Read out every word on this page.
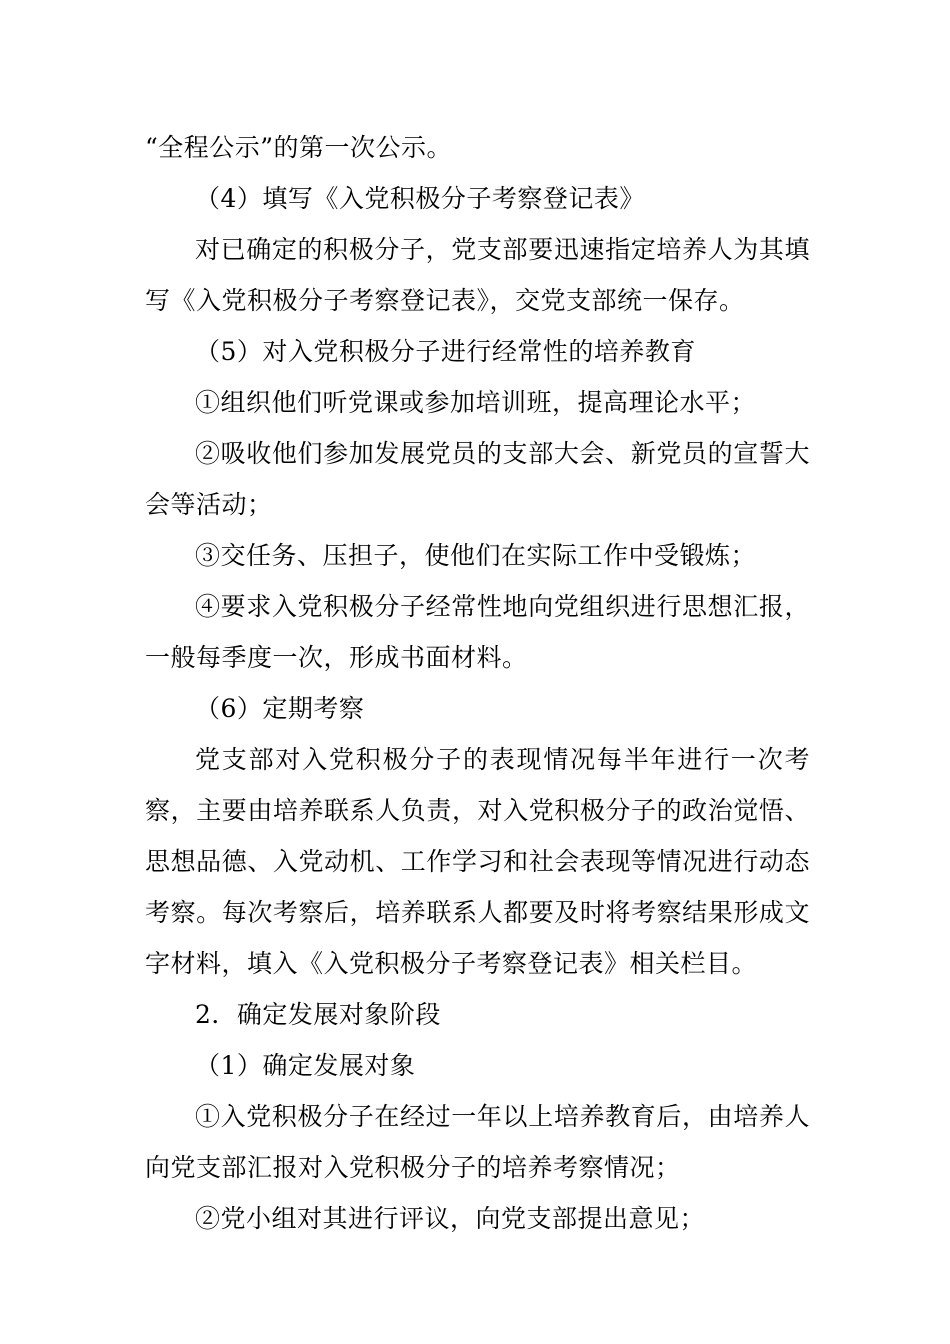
“全程公示”的第一次公示。

（4）填写《入党积极分子考察登记表》

对已确定的积极分子，党支部要迅速指定培养人为其填写《入党积极分子考察登记表》，交党支部统一保存。

（5）对入党积极分子进行经常性的培养教育

①组织他们听党课或参加培训班，提高理论水平；

②吸收他们参加发展党员的支部大会、新党员的宣誓大会等活动；

③交任务、压担子，使他们在实际工作中受锻炼；

④要求入党积极分子经常性地向党组织进行思想汇报，一般每季度一次，形成书面材料。

（6）定期考察

党支部对入党积极分子的表现情况每半年进行一次考察，主要由培养联系人负责，对入党积极分子的政治觉悟、思想品德、入党动机、工作学习和社会表现等情况进行动态考察。每次考察后，培养联系人都要及时将考察结果形成文字材料，填入《入党积极分子考察登记表》相关栏目。

2．确定发展对象阶段

（1）确定发展对象

①入党积极分子在经过一年以上培养教育后，由培养人向党支部汇报对入党积极分子的培养考察情况；

②党小组对其进行评议，向党支部提出意见；
